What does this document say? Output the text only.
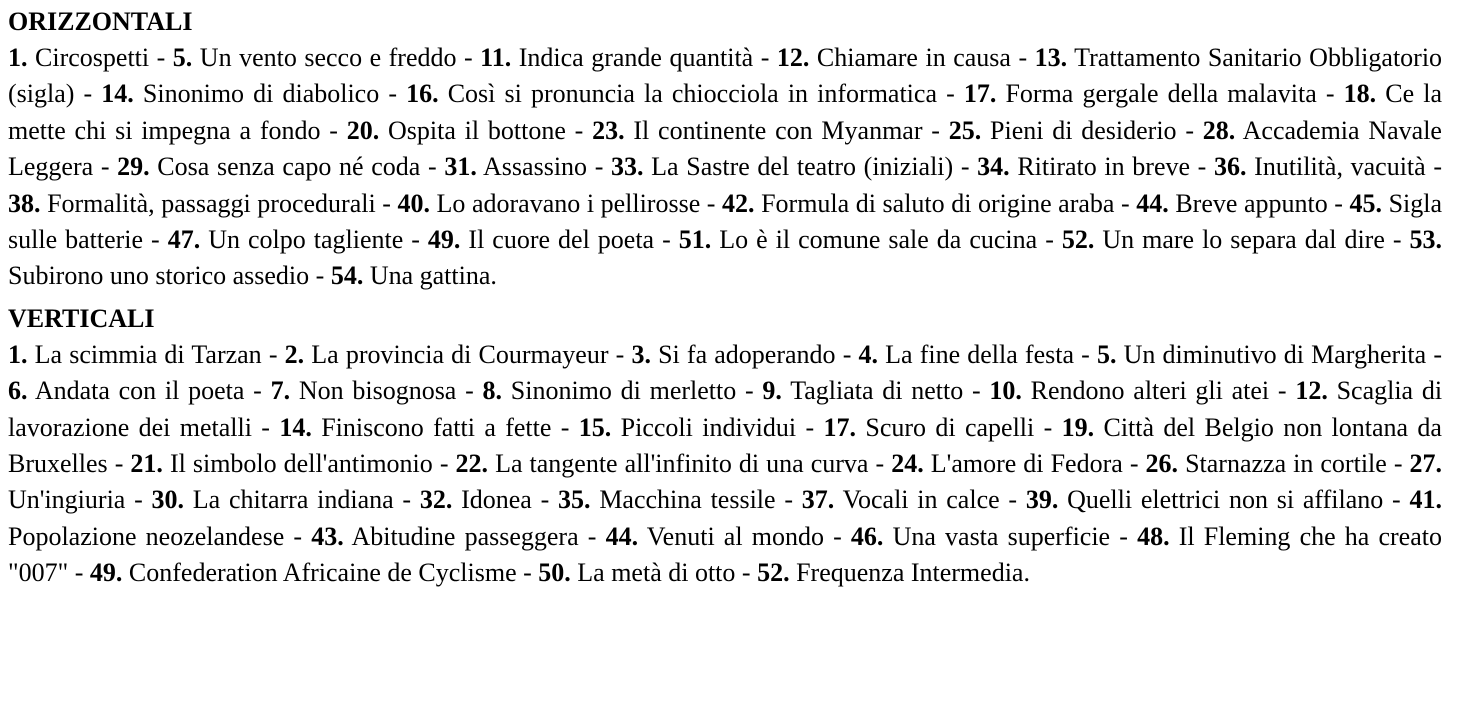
ORIZZONTALI

1. Circospetti - 5. Un vento secco e freddo - 11. Indica grande quantità - 12. Chiamare in causa - 13. Trattamento Sanitario Obbligatorio (sigla) - 14. Sinonimo di diabolico - 16. Così si pronuncia la chiocciola in informatica - 17. Forma gergale della malavita - 18. Ce la mette chi si impegna a fondo - 20. Ospita il bottone - 23. Il continente con Myanmar - 25. Pieni di desiderio - 28. Accademia Navale Leggera - 29. Cosa senza capo né coda - 31. Assassino - 33. La Sastre del teatro (iniziali) - 34. Ritirato in breve - 36. Inutilità, vacuità - 38. Formalità, passaggi procedurali - 40. Lo adoravano i pellirosse - 42. Formula di saluto di origine araba - 44. Breve appunto - 45. Sigla sulle batterie - 47. Un colpo tagliente - 49. Il cuore del poeta - 51. Lo è il comune sale da cucina - 52. Un mare lo separa dal dire - 53. Subirono uno storico assedio - 54. Una gattina.

VERTICALI

1. La scimmia di Tarzan - 2. La provincia di Courmayeur - 3. Si fa adoperando - 4. La fine della festa - 5. Un diminutivo di Margherita - 6. Andata con il poeta - 7. Non bisognosa - 8. Sinonimo di merletto - 9. Tagliata di netto - 10. Rendono alteri gli atei - 12. Scaglia di lavorazione dei metalli - 14. Finiscono fatti a fette - 15. Piccoli individui - 17. Scuro di capelli - 19. Città del Belgio non lontana da Bruxelles - 21. Il simbolo dell'antimonio - 22. La tangente all'infinito di una curva - 24. L'amore di Fedora - 26. Starnazza in cortile - 27. Un'ingiuria - 30. La chitarra indiana - 32. Idonea - 35. Macchina tessile - 37. Vocali in calce - 39. Quelli elettrici non si affilano - 41. Popolazione neozelandese - 43. Abitudine passeggera - 44. Venuti al mondo - 46. Una vasta superficie - 48. Il Fleming che ha creato "007" - 49. Confederation Africaine de Cyclisme - 50. La metà di otto - 52. Frequenza Intermedia.
